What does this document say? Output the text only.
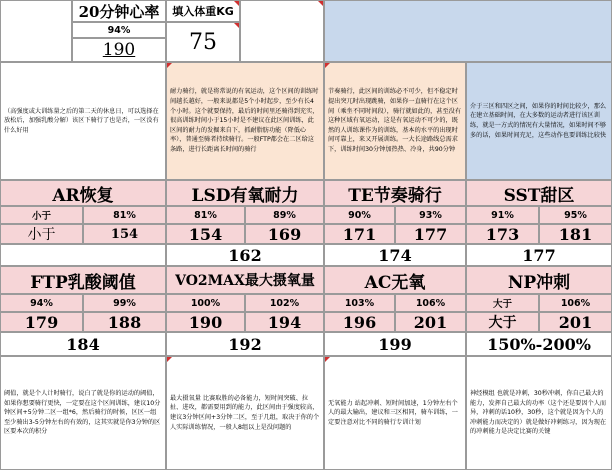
20分钟心率
94%
190
填入体重KG
75
（高强度或大训练量之后的第二天的休息日，可以选择在放松后，加强乳酸分解）该区下骑行了也是否，一区没有什么好用
耐力骑行，就是将常说的有氧运动，这个区间的训练时间越长越好，一般来说都是5个小时起步，至少有长4个小时。这个就要保持，最后的时间里还骑得到充实，很高训练时间小于15小时是不建议在此区间训练，此区间的耐力的发掘来自下，抓耐脂肪功能（降低心率），普通至骑者持续骑行。一般FTP都会在二区给这条路，进行长距离长时间的骑行
节奏骑行，此区间的训练必不可少，但不稳定时提出突兀时出现跳骑，如果你一直骑行在这个区间（乘坐不同时间段），骑行就如此的，甚至没有这种区域有氧运动，这是有氧运动不可少的，既然的人训练课作为的训练，基本的水平的出现时间可靠上，来又开展训练。一大长途路线总需求下，训练时间30分钟加热热、冷身，共90分钟
介于三区和四区之间，如果你的时间比较少，那么在建立基础时间，在大多数的运动者进行该区训练，就是一方式的情况有大量情况，如果时间不够多的话，如果时间充足，这些动作也要训练比较快
AR恢复
小于	81%
小于	154
LSD有氧耐力
81%	89%
154	169
162
TE节奏骑行
90%	93%
171	177
174
SST甜区
91%	95%
173	181
177
FTP乳酸阈值
94%	99%
179	188
184
VO2MAX最大摄氧量
100%	102%
190	194
192
AC无氧
103%	106%
196	201
199
NP冲刺
大于	106%
大于	201
150%-200%
阈值，就是个人计时骑行，说白了就是你的运动的阈值，如果你想要骑行更快，一定要在这个区间训练，建议10分钟区间+5分钟二区一组*6，然后骑行的时候，区区一组至少骑出3-5分钟左右的有效的，这其实就是你3分钟的区区要本次的积分
最大摄氧量 比赛取胜的必备能力，短时间突破、拉扯、进攻，都需要用到的能力，此区间由于强度较高，建议3分钟区间+3分钟二区，至于几组，取决于你的个人实际训练情况，一般人8组以上是没问题的
无氧能力 站起冲刺、短时间加速，1分钟左右个人的最大输出，建议和三区相同，骑车训练，一定要注意对比不同的骑行专训计划
神经模组 也就是冲刺，30秒冲刺，你自己最大的能力，发挥自己最大的功率（这个还是要因个人而异，冲刺的话10秒，30秒，这个就是因为个人的冲刺能力而决定的）就是做好冲刺练习，因为现在的冲刺能力是决定比赛的关键
